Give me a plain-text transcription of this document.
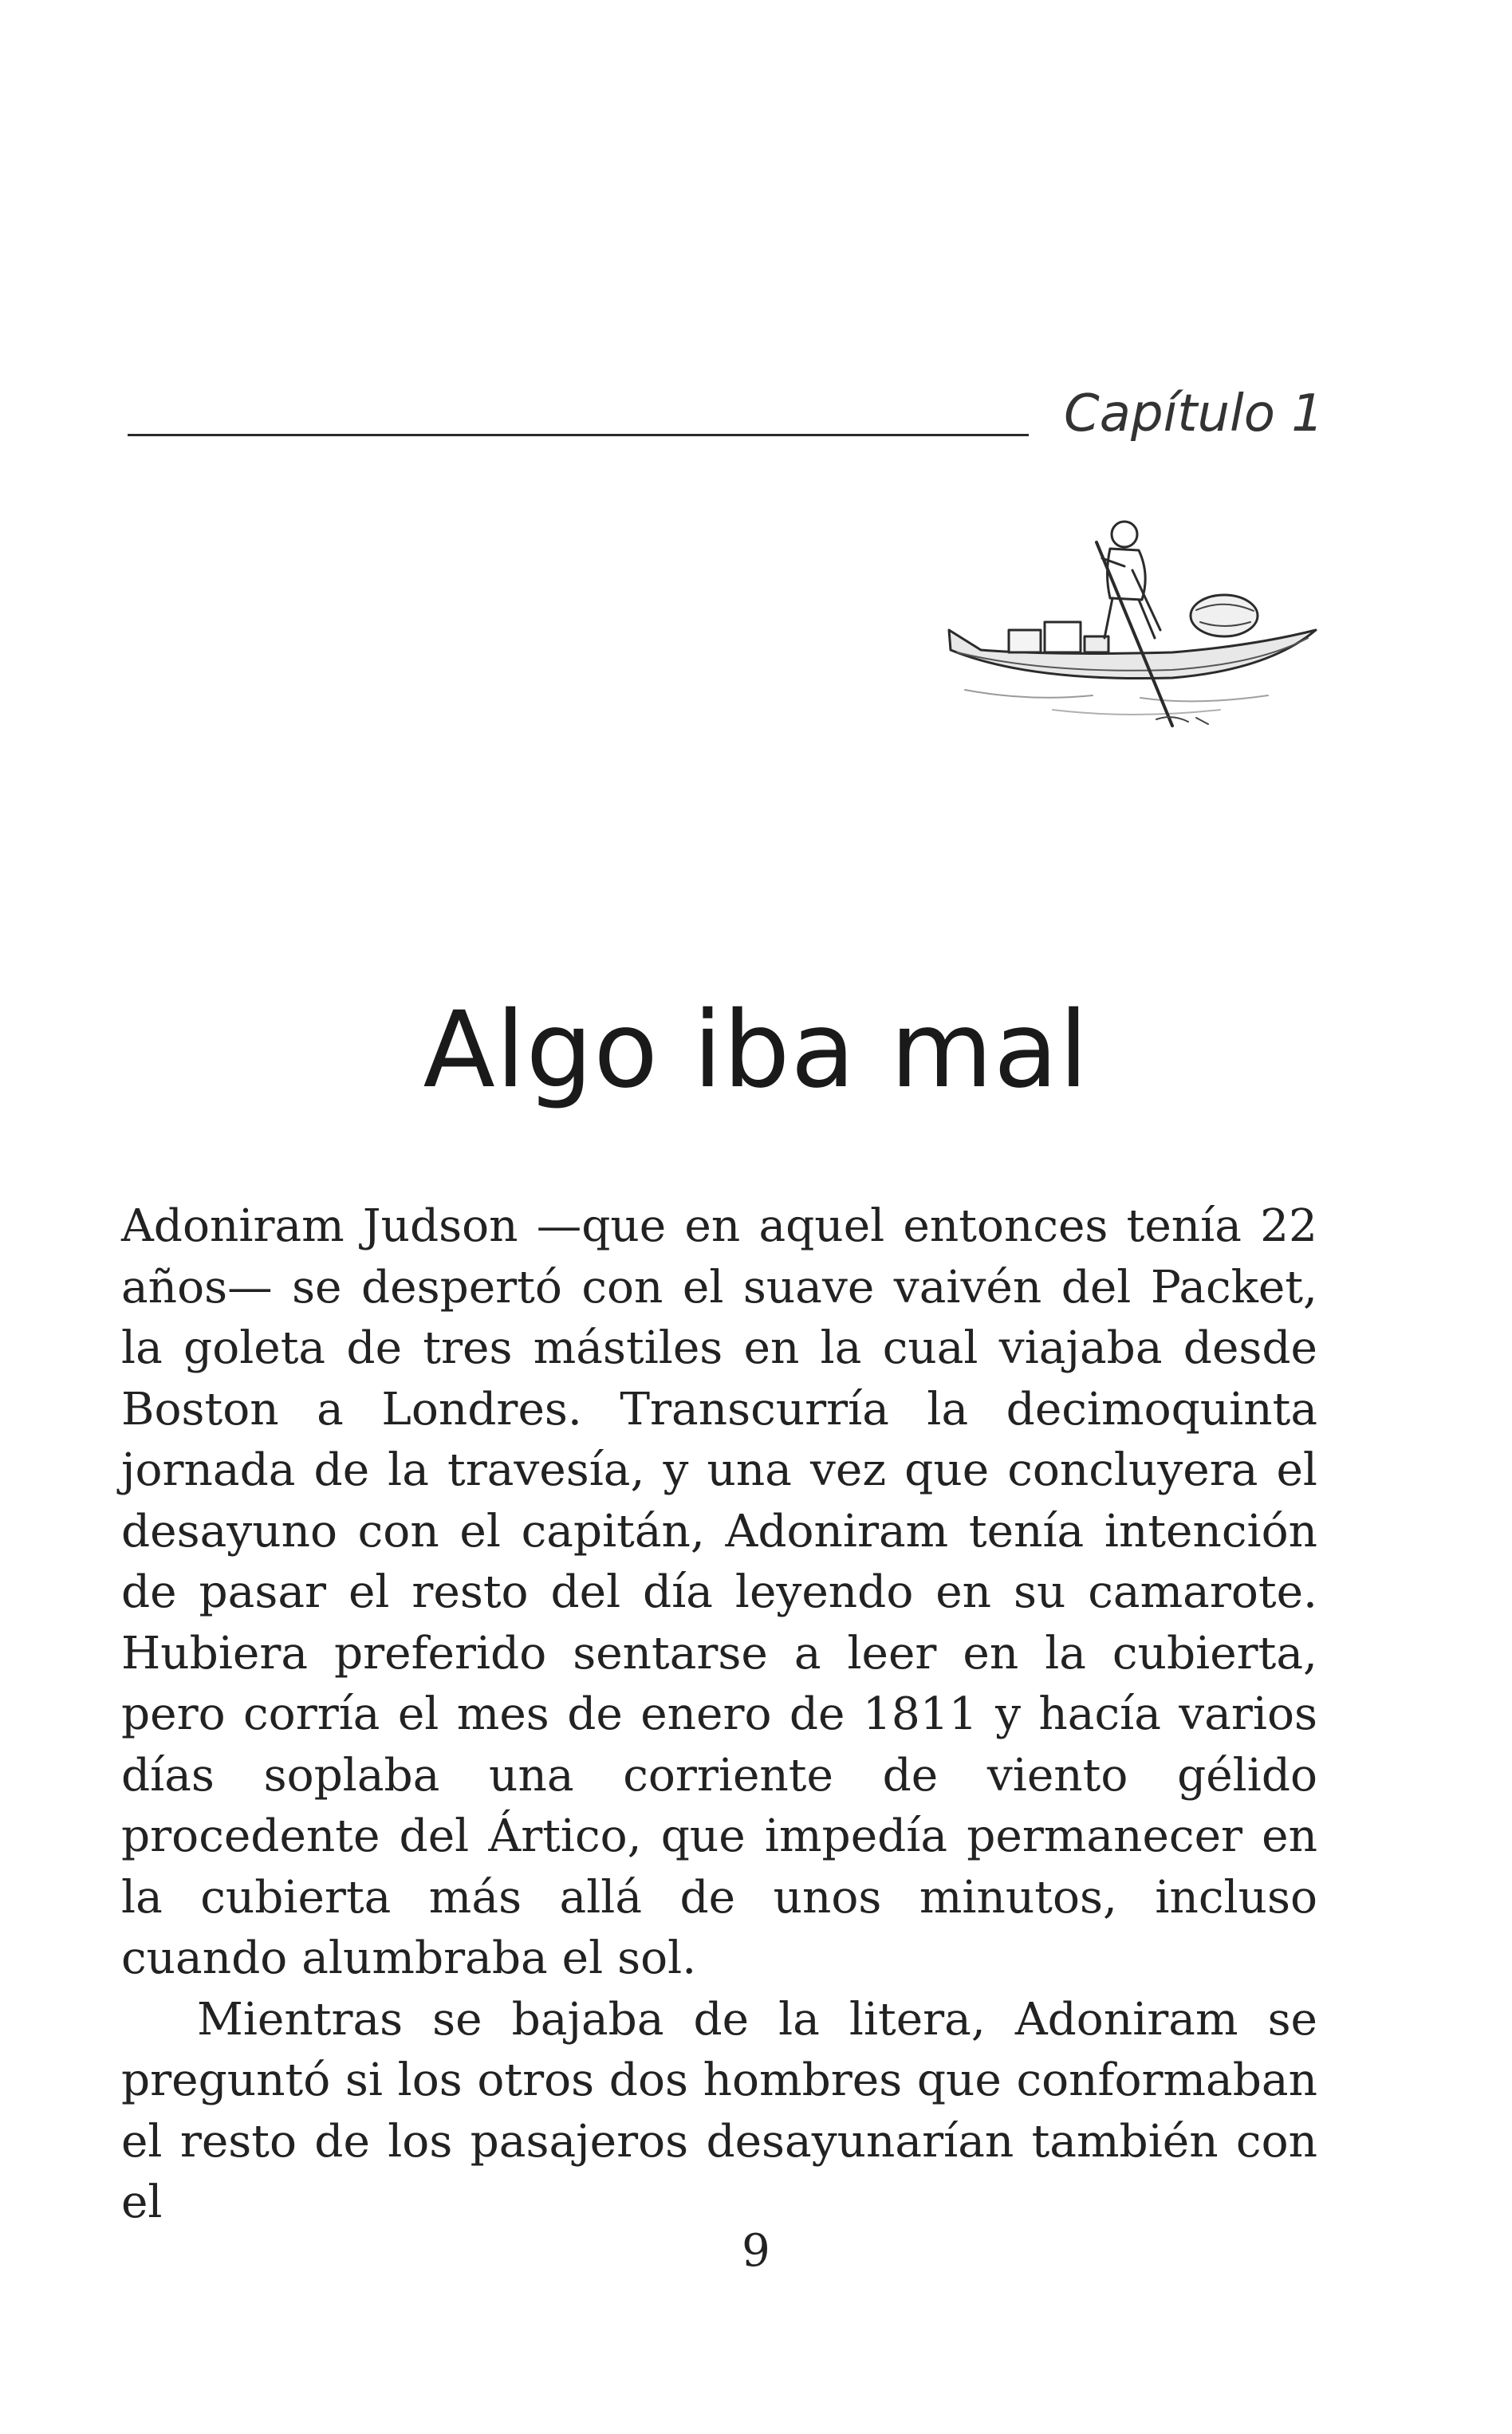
Capítulo 1
Algo iba mal

Adoniram Judson —que en aquel entonces tenía 22 años— se despertó con el suave vaivén del Packet, la goleta de tres mástiles en la cual viajaba desde Boston a Londres. Transcurría la decimoquinta jornada de la travesía, y una vez que concluyera el desayuno con el capitán, Adoniram tenía intención de pasar el resto del día leyendo en su camarote. Hubiera preferido sentarse a leer en la cubierta, pero corría el mes de enero de 1811 y hacía varios días soplaba una corriente de viento gélido procedente del Ártico, que impedía permanecer en la cubierta más allá de unos minutos, incluso cuando alumbraba el sol.

Mientras se bajaba de la litera, Adoniram se preguntó si los otros dos hombres que conformaban el resto de los pasajeros desayunarían también con el

9
